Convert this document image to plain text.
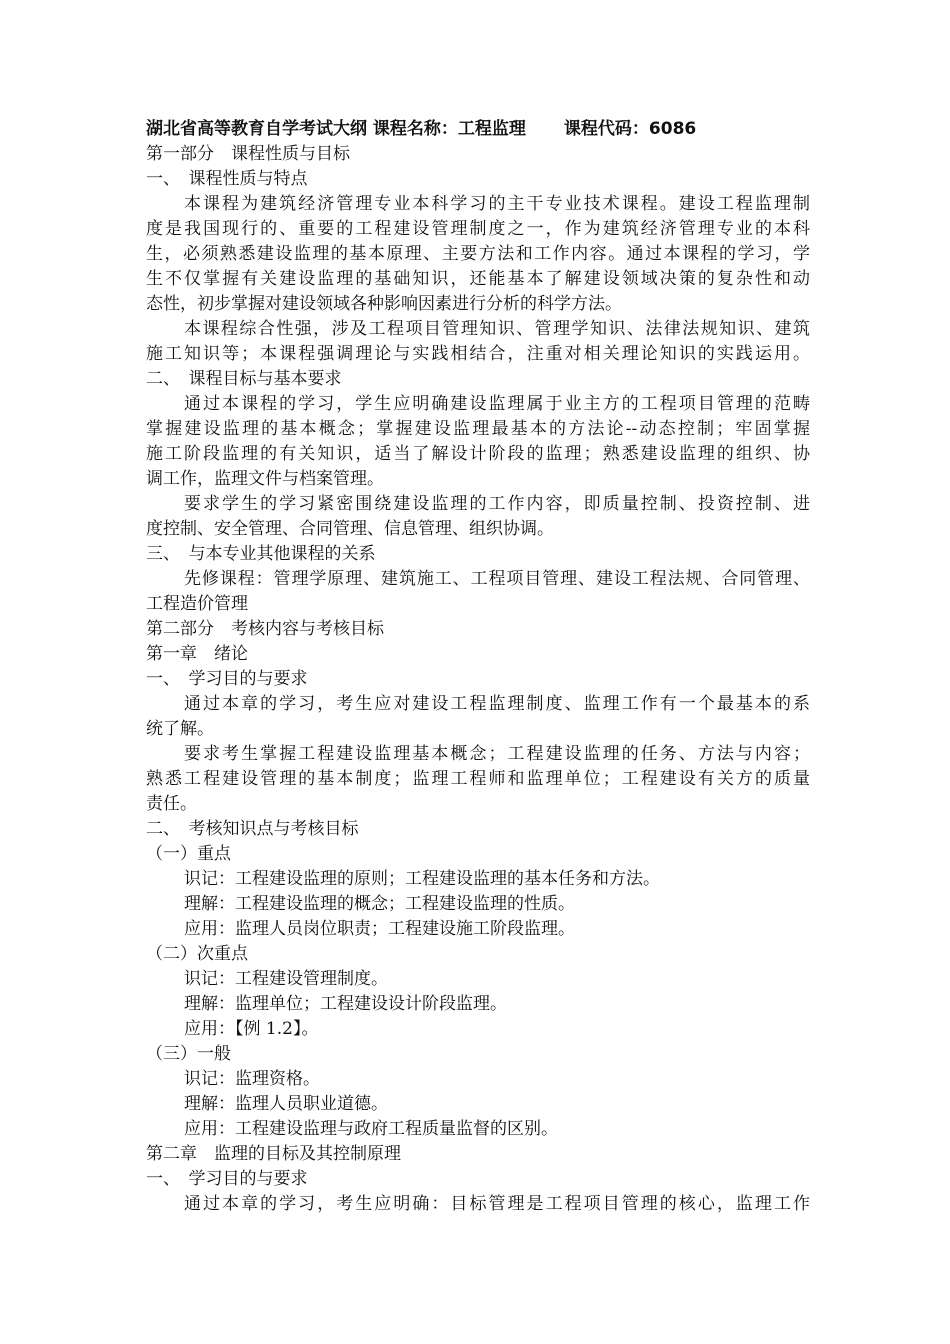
湖北省高等教育自学考试大纲 课程名称：工程监理 课程代码：6086
第一部分　课程性质与目标
一、　课程性质与特点
本课程为建筑经济管理专业本科学习的主干专业技术课程。建设工程监理制
度是我国现行的、重要的工程建设管理制度之一，作为建筑经济管理专业的本科
生，必须熟悉建设监理的基本原理、主要方法和工作内容。通过本课程的学习，学
生不仅掌握有关建设监理的基础知识，还能基本了解建设领域决策的复杂性和动
态性，初步掌握对建设领域各种影响因素进行分析的科学方法。
本课程综合性强，涉及工程项目管理知识、管理学知识、法律法规知识、建筑
施工知识等；本课程强调理论与实践相结合，注重对相关理论知识的实践运用。
二、　课程目标与基本要求
通过本课程的学习，学生应明确建设监理属于业主方的工程项目管理的范畴
掌握建设监理的基本概念；掌握建设监理最基本的方法论--动态控制；牢固掌握
施工阶段监理的有关知识，适当了解设计阶段的监理；熟悉建设监理的组织、协
调工作，监理文件与档案管理。
要求学生的学习紧密围绕建设监理的工作内容，即质量控制、投资控制、进
度控制、安全管理、合同管理、信息管理、组织协调。
三、　与本专业其他课程的关系
先修课程：管理学原理、建筑施工、工程项目管理、建设工程法规、合同管理、
工程造价管理
第二部分　考核内容与考核目标
第一章　绪论
一、　学习目的与要求
通过本章的学习，考生应对建设工程监理制度、监理工作有一个最基本的系
统了解。
要求考生掌握工程建设监理基本概念；工程建设监理的任务、方法与内容；
熟悉工程建设管理的基本制度；监理工程师和监理单位；工程建设有关方的质量
责任。
二、　考核知识点与考核目标
（一）重点
识记：工程建设监理的原则；工程建设监理的基本任务和方法。
理解：工程建设监理的概念；工程建设监理的性质。
应用：监理人员岗位职责；工程建设施工阶段监理。
（二）次重点
识记：工程建设管理制度。
理解：监理单位；工程建设设计阶段监理。
应用：【例 1.2】。
（三）一般
识记：监理资格。
理解：监理人员职业道德。
应用：工程建设监理与政府工程质量监督的区别。
第二章　监理的目标及其控制原理
一、　学习目的与要求
通过本章的学习，考生应明确：目标管理是工程项目管理的核心，监理工作
